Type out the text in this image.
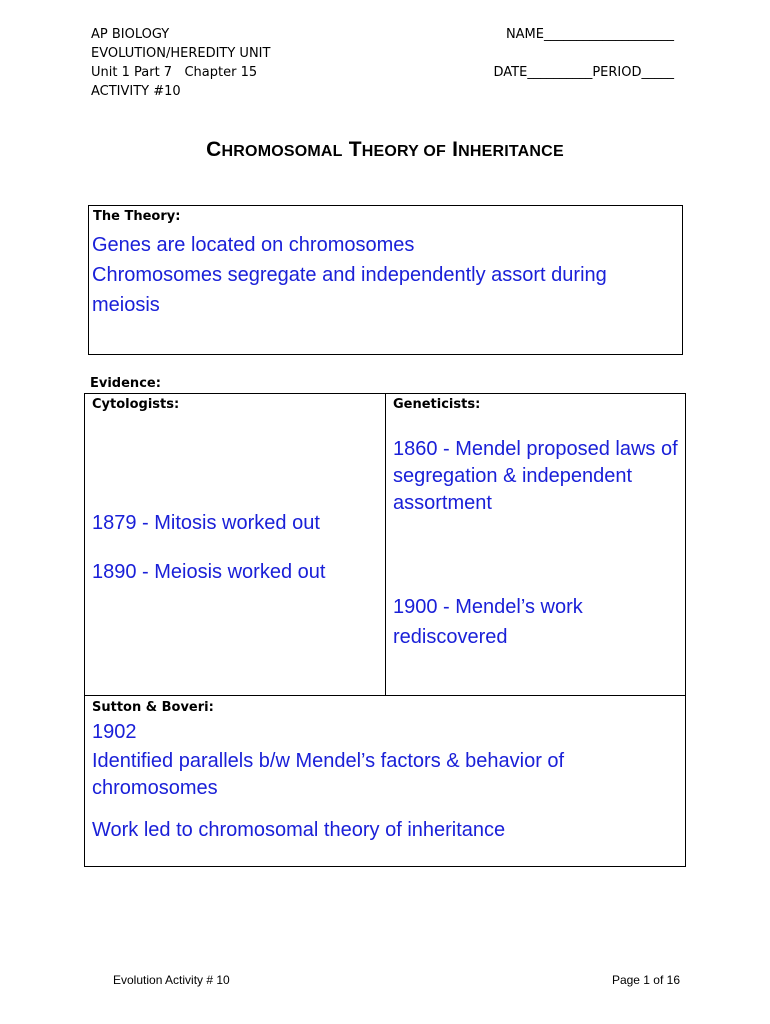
AP BIOLOGY
EVOLUTION/HEREDITY UNIT
Unit 1 Part 7   Chapter 15
ACTIVITY #10
NAME____________________
DATE__________PERIOD_____
CHROMOSOMAL THEORY OF INHERITANCE
The Theory:
Genes are located on chromosomes
Chromosomes segregate and independently assort during meiosis
Evidence:
Cytologists:	Geneticists:
1879 - Mitosis worked out
1890 - Meiosis worked out
1860 - Mendel proposed laws of segregation & independent assortment
1900 - Mendel’s work rediscovered
Sutton & Boveri:
1902
Identified parallels b/w Mendel’s factors & behavior of chromosomes
Work led to chromosomal theory of inheritance
Evolution Activity # 10	Page 1 of 16
